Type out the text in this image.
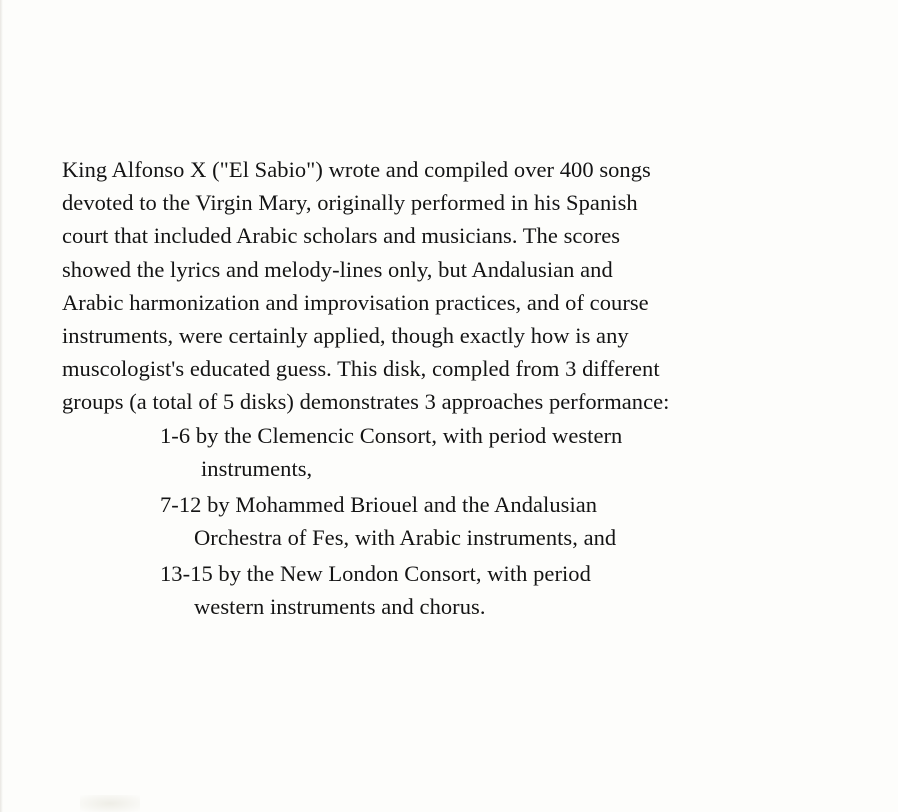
King Alfonso X ("El Sabio") wrote and compiled over 400 songs
devoted to the Virgin Mary, originally performed in his Spanish
court that included Arabic scholars and musicians. The scores
showed the lyrics and melody-lines only, but Andalusian and
Arabic harmonization and improvisation practices, and of course
instruments, were certainly applied, though exactly how is any
muscologist's educated guess. This disk, compled from 3 different
groups (a total of 5 disks) demonstrates 3 approaches performance:
1-6 by the Clemencic Consort, with period western
instruments,
7-12 by Mohammed Briouel and the Andalusian
Orchestra of Fes, with Arabic instruments, and
13-15 by the New London Consort, with period
western instruments and chorus.
